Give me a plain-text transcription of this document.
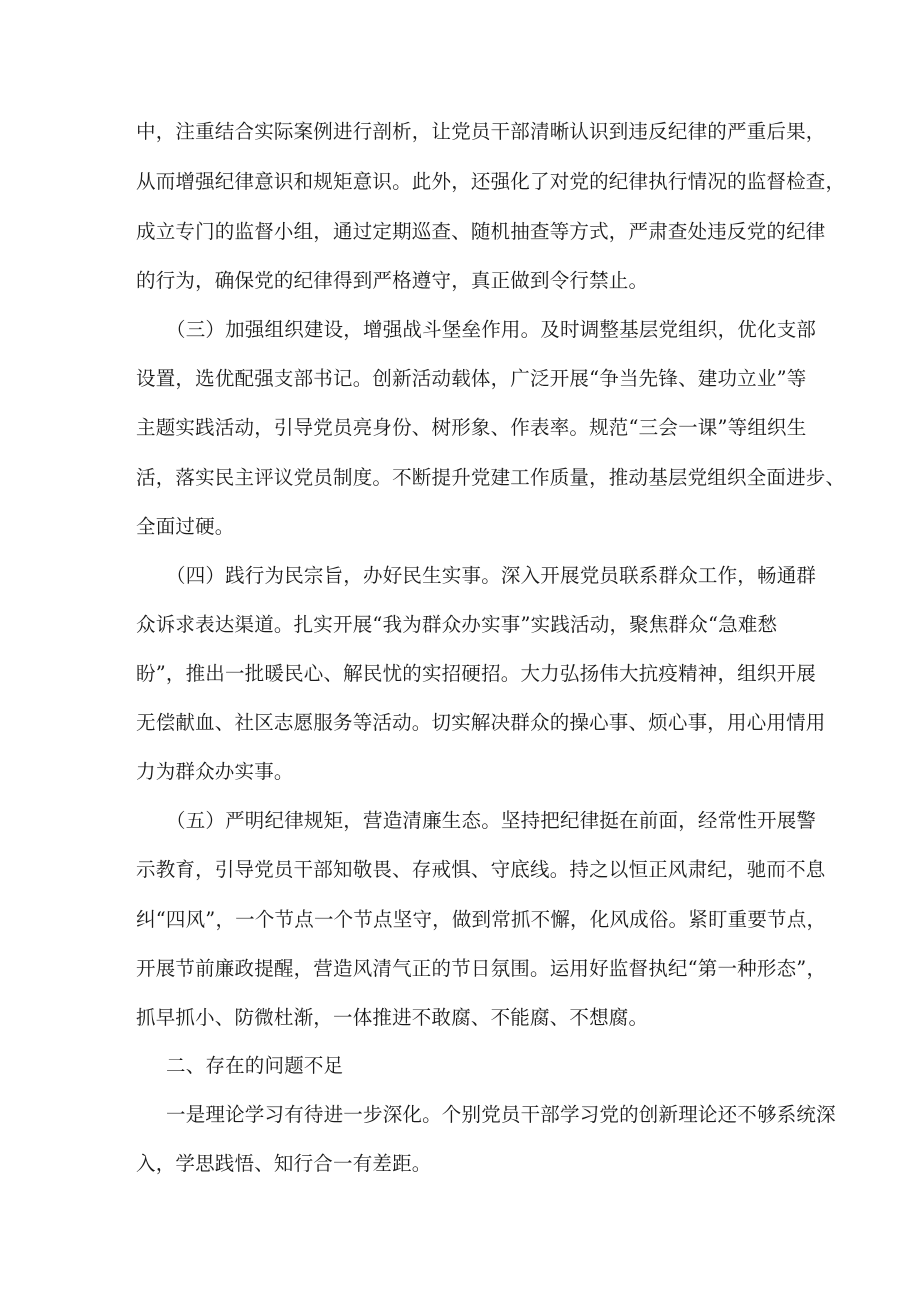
中，注重结合实际案例进行剖析，让党员干部清晰认识到违反纪律的严重后果，
从而增强纪律意识和规矩意识。此外，还强化了对党的纪律执行情况的监督检查，
成立专门的监督小组，通过定期巡查、随机抽查等方式，严肃查处违反党的纪律
的行为，确保党的纪律得到严格遵守，真正做到令行禁止。
（三）加强组织建设，增强战斗堡垒作用。及时调整基层党组织，优化支部
设置，选优配强支部书记。创新活动载体，广泛开展“争当先锋、建功立业”等
主题实践活动，引导党员亮身份、树形象、作表率。规范“三会一课”等组织生
活，落实民主评议党员制度。不断提升党建工作质量，推动基层党组织全面进步、
全面过硬。
（四）践行为民宗旨，办好民生实事。深入开展党员联系群众工作，畅通群
众诉求表达渠道。扎实开展“我为群众办实事”实践活动，聚焦群众“急难愁
盼”，推出一批暖民心、解民忧的实招硬招。大力弘扬伟大抗疫精神，组织开展
无偿献血、社区志愿服务等活动。切实解决群众的操心事、烦心事，用心用情用
力为群众办实事。
（五）严明纪律规矩，营造清廉生态。坚持把纪律挺在前面，经常性开展警
示教育，引导党员干部知敬畏、存戒惧、守底线。持之以恒正风肃纪，驰而不息
纠“四风”，一个节点一个节点坚守，做到常抓不懈，化风成俗。紧盯重要节点，
开展节前廉政提醒，营造风清气正的节日氛围。运用好监督执纪“第一种形态”，
抓早抓小、防微杜渐，一体推进不敢腐、不能腐、不想腐。
二、存在的问题不足
一是理论学习有待进一步深化。个别党员干部学习党的创新理论还不够系统深
入，学思践悟、知行合一有差距。
